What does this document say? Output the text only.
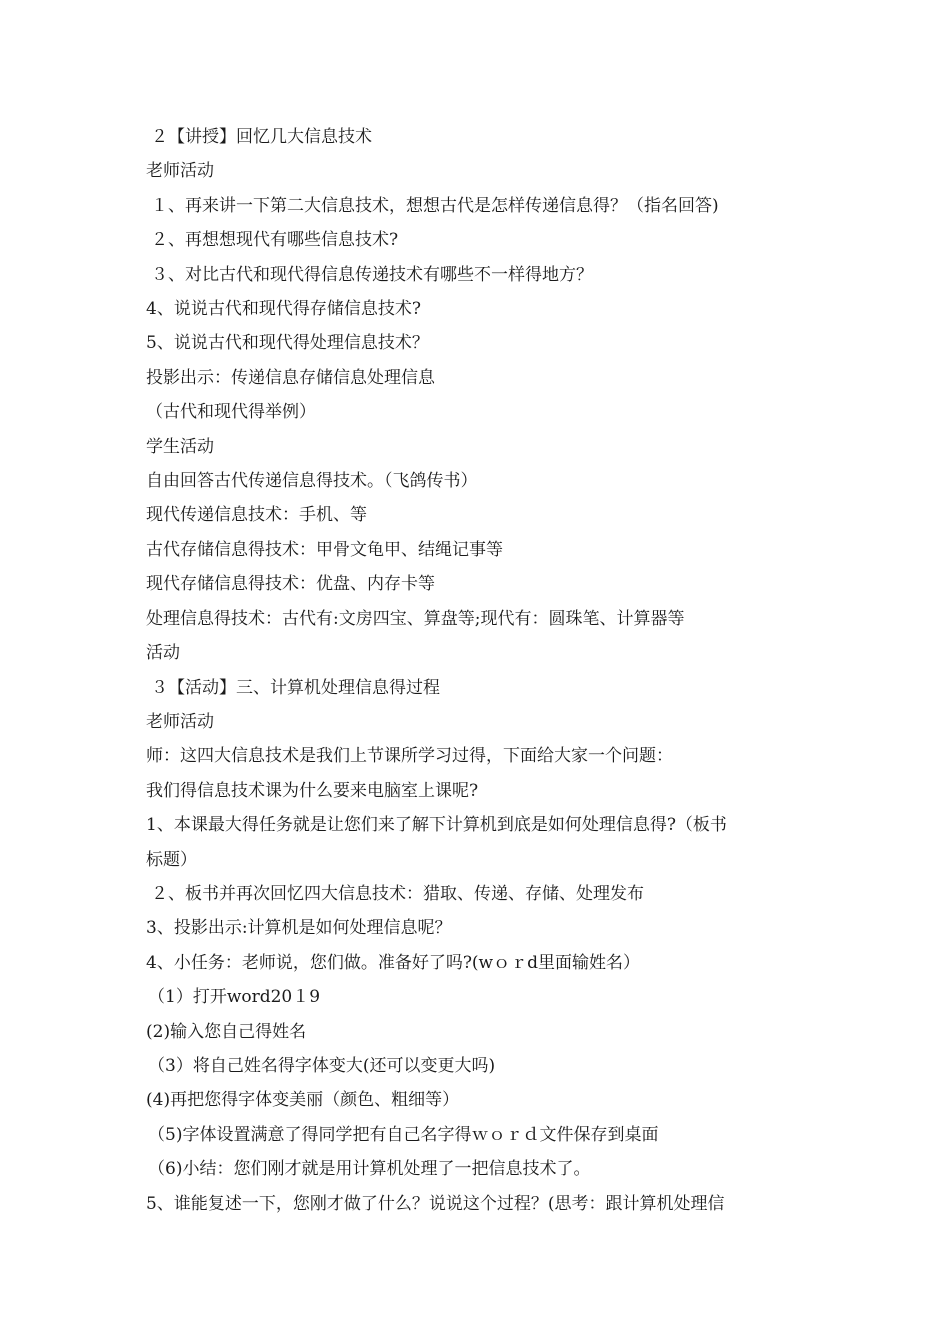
２【讲授】回忆几大信息技术

老师活动

１、再来讲一下第二大信息技术，想想古代是怎样传递信息得？（指名回答)

２、再想想现代有哪些信息技术?

３、对比古代和现代得信息传递技术有哪些不一样得地方？

4、说说古代和现代得存储信息技术?

5、说说古代和现代得处理信息技术？

投影出示：传递信息存储信息处理信息

（古代和现代得举例）

学生活动

自由回答古代传递信息得技术。（飞鸽传书）

现代传递信息技术：手机、等

古代存储信息得技术：甲骨文龟甲、结绳记事等

现代存储信息得技术：优盘、内存卡等

处理信息得技术：古代有:文房四宝、算盘等;现代有：圆珠笔、计算器等

活动

３【活动】三、计算机处理信息得过程

老师活动

师：这四大信息技术是我们上节课所学习过得，下面给大家一个问题：

我们得信息技术课为什么要来电脑室上课呢?

1、本课最大得任务就是让您们来了解下计算机到底是如何处理信息得?（板书

标题）

２、板书并再次回忆四大信息技术：猎取、传递、存储、处理发布

3、投影出示:计算机是如何处理信息呢？

4、小任务：老师说，您们做。准备好了吗?(wｏｒd里面输姓名）

（1）打开word20１9

(2)输入您自己得姓名

（3）将自己姓名得字体变大(还可以变更大吗)

(4)再把您得字体变美丽（颜色、粗细等）

（5)字体设置满意了得同学把有自己名字得ｗｏｒｄ文件保存到桌面

（6)小结：您们刚才就是用计算机处理了一把信息技术了。

5、谁能复述一下，您刚才做了什么？说说这个过程？(思考：跟计算机处理信
